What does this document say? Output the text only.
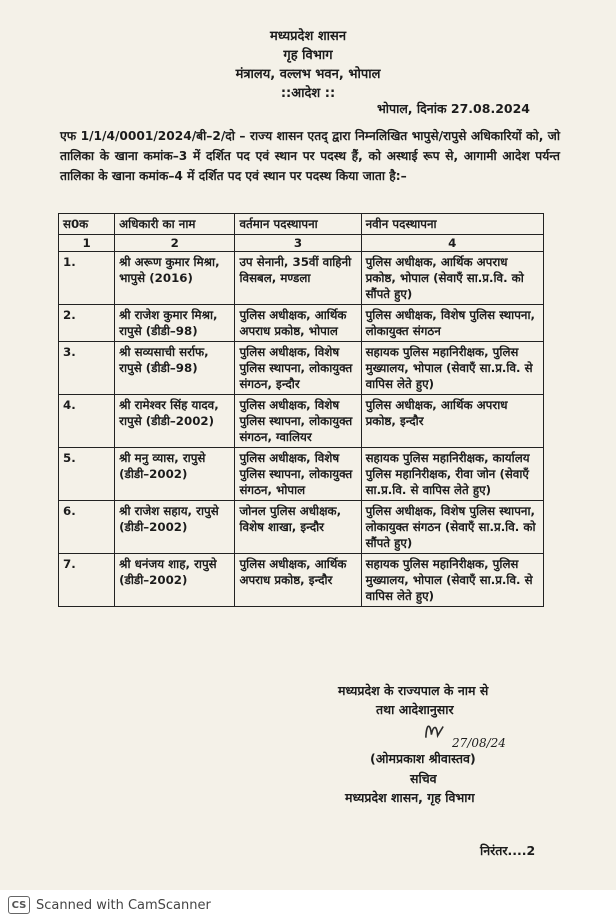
मध्यप्रदेश शासन
गृह विभाग
मंत्रालय, वल्लभ भवन, भोपाल
::आदेश ::
भोपाल, दिनांक 27.08.2024
एफ 1/1/4/0001/2024/बी–2/दो – राज्य शासन एतद् द्वारा निम्नलिखित भापुसे/रापुसे अधिकारियों को, जो तालिका के खाना कमांक–3 में दर्शित पद एवं स्थान पर पदस्थ हैं, को अस्थाई रूप से, आगामी आदेश पर्यन्त तालिका के खाना कमांक–4 में दर्शित पद एवं स्थान पर पदस्थ किया जाता है:–
स0क	अधिकारी का नाम	वर्तमान पदस्थापना	नवीन पदस्थापना
1	2	3	4
1.	श्री अरूण कुमार मिश्रा, भापुसे (2016)	उप सेनानी, 35वीं वाहिनी विसबल, मण्डला	पुलिस अधीक्षक, आर्थिक अपराध प्रकोष्ठ, भोपाल (सेवाएँ सा.प्र.वि. को सौंपते हुए)
2.	श्री राजेश कुमार मिश्रा, रापुसे (डीडी–98)	पुलिस अधीक्षक, आर्थिक अपराध प्रकोष्ठ, भोपाल	पुलिस अधीक्षक, विशेष पुलिस स्थापना, लोकायुक्त संगठन
3.	श्री सव्यसाची सर्राफ, रापुसे (डीडी–98)	पुलिस अधीक्षक, विशेष पुलिस स्थापना, लोकायुक्त संगठन, इन्दौर	सहायक पुलिस महानिरीक्षक, पुलिस मुख्यालय, भोपाल (सेवाएँ सा.प्र.वि. से वापिस लेते हुए)
4.	श्री रामेश्वर सिंह यादव, रापुसे (डीडी–2002)	पुलिस अधीक्षक, विशेष पुलिस स्थापना, लोकायुक्त संगठन, ग्वालियर	पुलिस अधीक्षक, आर्थिक अपराध प्रकोष्ठ, इन्दौर
5.	श्री मनु व्यास, रापुसे (डीडी–2002)	पुलिस अधीक्षक, विशेष पुलिस स्थापना, लोकायुक्त संगठन, भोपाल	सहायक पुलिस महानिरीक्षक, कार्यालय पुलिस महानिरीक्षक, रीवा जोन (सेवाएँ सा.प्र.वि. से वापिस लेते हुए)
6.	श्री राजेश सहाय, रापुसे (डीडी–2002)	जोनल पुलिस अधीक्षक, विशेष शाखा, इन्दौर	पुलिस अधीक्षक, विशेष पुलिस स्थापना, लोकायुक्त संगठन (सेवाएँ सा.प्र.वि. को सौंपते हुए)
7.	श्री धनंजय शाह, रापुसे (डीडी–2002)	पुलिस अधीक्षक, आर्थिक अपराध प्रकोष्ठ, इन्दौर	सहायक पुलिस महानिरीक्षक, पुलिस मुख्यालय, भोपाल (सेवाएँ सा.प्र.वि. से वापिस लेते हुए)
मध्यप्रदेश के राज्यपाल के नाम से
तथा आदेशानुसार
27/08/24
(ओमप्रकाश श्रीवास्तव)
सचिव
मध्यप्रदेश शासन, गृह विभाग
निरंतर....2
CS Scanned with CamScanner
